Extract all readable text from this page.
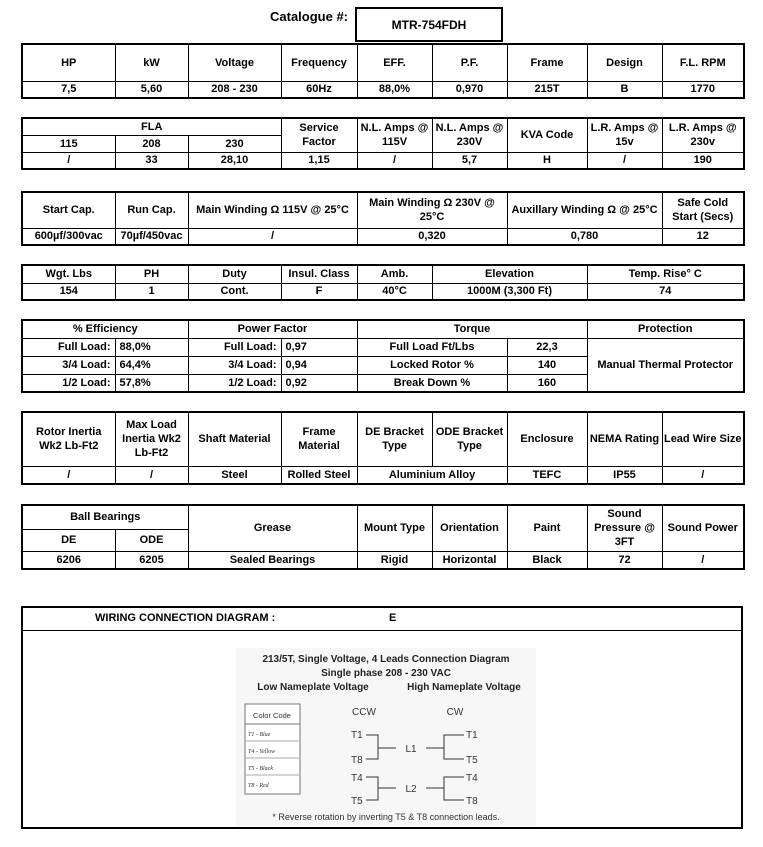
Catalogue #:
MTR-754FDH
HP	kW	Voltage	Frequency	EFF.	P.F.	Frame	Design	F.L. RPM
7,5	5,60	208 - 230	60Hz	88,0%	0,970	215T	B	1770
FLA			Service Factor	N.L. Amps @ 115V	N.L. Amps @ 230V	KVA Code	L.R. Amps @ 15v	L.R. Amps @ 230v
115	208	230						
/	33	28,10	1,15	/	5,7	H	/	190
Start Cap.	Run Cap.	Main Winding Ω 115V @ 25°C	Main Winding Ω 230V @ 25°C	Auxillary Winding Ω @ 25°C	Safe Cold Start (Secs)
600µf/300vac	70µf/450vac	/	0,320	0,780	12
Wgt. Lbs	PH	Duty	Insul. Class	Amb.	Elevation	Temp. Rise° C
154	1	Cont.	F	40°C	1000M (3,300 Ft)	74
% Efficiency		Power Factor		Torque		Protection
Full Load:	88,0%	Full Load:	0,97	Full Load Ft/Lbs	22,3	Manual Thermal Protector
3/4 Load:	64,4%	3/4 Load:	0,94	Locked Rotor %	140	
1/2 Load:	57,8%	1/2 Load:	0,92	Break Down %	160	
Rotor Inertia Wk2 Lb-Ft2	Max Load Inertia Wk2 Lb-Ft2	Shaft Material	Frame Material	DE Bracket Type	ODE Bracket Type	Enclosure	NEMA Rating	Lead Wire Size
/	/	Steel	Rolled Steel	Aluminium Alloy		TEFC	IP55	/
Ball Bearings		Grease	Mount Type	Orientation	Paint	Sound Pressure @ 3FT	Sound Power
DE	ODE						
6206	6205	Sealed Bearings	Rigid	Horizontal	Black	72	/
WIRING CONNECTION DIAGRAM :	E
213/5T, Single Voltage, 4 Leads Connection Diagram
Single phase 208 - 230 VAC
Low Nameplate Voltage	High Nameplate Voltage
Color Code
T1 - Blue
T4 - Yellow
T5 - Black
T8 - Red
CCW	CW
T1
T8
T4
T5
T1
T5
T4
T8
L1
L2
* Reverse rotation by inverting T5 & T8 connection leads.
